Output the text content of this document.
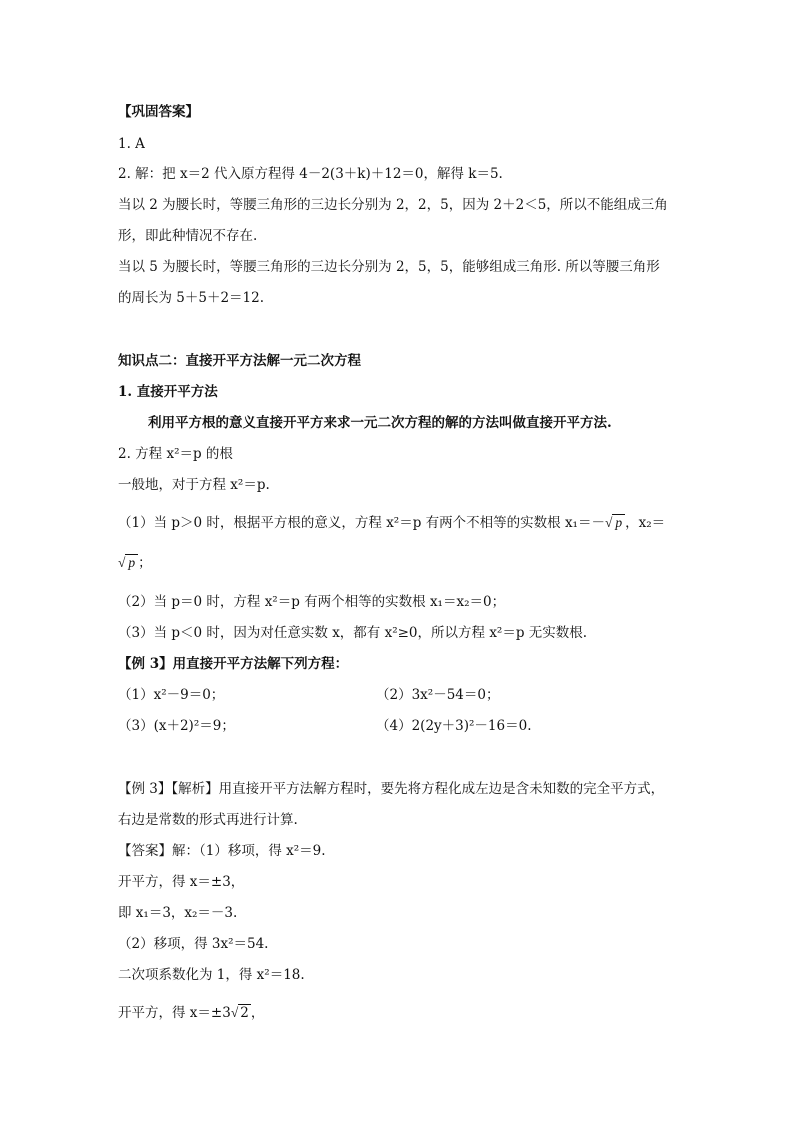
【巩固答案】
1. A
2. 解：把 x＝2 代入原方程得 4－2(3＋k)＋12＝0，解得 k＝5.
当以 2 为腰长时，等腰三角形的三边长分别为 2，2，5，因为 2＋2＜5，所以不能组成三角
形，即此种情况不存在.
当以 5 为腰长时，等腰三角形的三边长分别为 2，5，5，能够组成三角形. 所以等腰三角形
的周长为 5＋5＋2＝12.
知识点二：直接开平方法解一元二次方程
1. 直接开平方法
利用平方根的意义直接开平方来求一元二次方程的解的方法叫做直接开平方法.
2. 方程 x²＝p 的根
一般地，对于方程 x²＝p.
（1）当 p＞0 时，根据平方根的意义，方程 x²＝p 有两个不相等的实数根 x₁＝－√ p ，x₂＝
√ p ；
（2）当 p＝0 时，方程 x²＝p 有两个相等的实数根 x₁＝x₂＝0；
（3）当 p＜0 时，因为对任意实数 x，都有 x²≥0，所以方程 x²＝p 无实数根.
【例 3】用直接开平方法解下列方程：
（1）x²－9＝0；	（2）3x²－54＝0；
（3）(x＋2)²＝9；	（4）2(2y＋3)²－16＝0.
【例 3】【解析】用直接开平方法解方程时，要先将方程化成左边是含未知数的完全平方式，
右边是常数的形式再进行计算.
【答案】解：（1）移项，得 x²＝9.
开平方，得 x＝±3，
即 x₁＝3，x₂＝－3.
（2）移项，得 3x²＝54.
二次项系数化为 1，得 x²＝18.
开平方，得 x＝±3√ 2 ，
